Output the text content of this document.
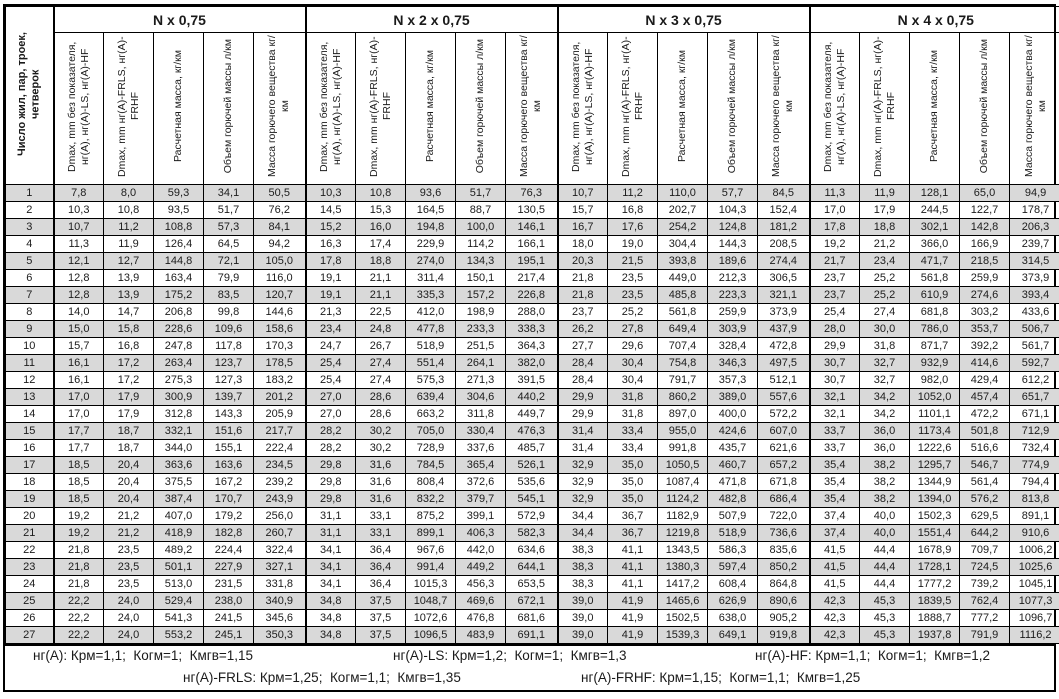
Число жил, пар, троек, четверок	N x 0,75					N x 2 x 0,75					N x 3 x 0,75					N x 4 x 0,75				
	Dmax, mm без показателя, нг(А), нг(А)-LS, нг(А)-HF	Dmax, mm нг(А)-FRLS, нг(А)-FRHF	Расчетная масса, кг/км	Объем горючей массы л/км	Масса горючего вещества кг/км	Dmax, mm без показателя, нг(А), нг(А)-LS, нг(А)-HF	Dmax, mm нг(А)-FRLS, нг(А)-FRHF	Расчетная масса, кг/км	Объем горючей массы л/км	Масса горючего вещества кг/км	Dmax, mm без показателя, нг(А), нг(А)-LS, нг(А)-HF	Dmax, mm нг(А)-FRLS, нг(А)-FRHF	Расчетная масса, кг/км	Объем горючей массы л/км	Масса горючего вещества кг/км	Dmax, mm без показателя, нг(А), нг(А)-LS, нг(А)-HF	Dmax, mm нг(А)-FRLS, нг(А)-FRHF	Расчетная масса, кг/км	Объем горючей массы л/км	Масса горючего вещества кг/км
1	7,8	8,0	59,3	34,1	50,5	10,3	10,8	93,6	51,7	76,3	10,7	11,2	110,0	57,7	84,5	11,3	11,9	128,1	65,0	94,9
2	10,3	10,8	93,5	51,7	76,2	14,5	15,3	164,5	88,7	130,5	15,7	16,8	202,7	104,3	152,4	17,0	17,9	244,5	122,7	178,7
3	10,7	11,2	108,8	57,3	84,1	15,2	16,0	194,8	100,0	146,1	16,7	17,6	254,2	124,8	181,2	17,8	18,8	302,1	142,8	206,3
4	11,3	11,9	126,4	64,5	94,2	16,3	17,4	229,9	114,2	166,1	18,0	19,0	304,4	144,3	208,5	19,2	21,2	366,0	166,9	239,7
5	12,1	12,7	144,8	72,1	105,0	17,8	18,8	274,0	134,3	195,1	20,3	21,5	393,8	189,6	274,4	21,7	23,4	471,7	218,5	314,5
6	12,8	13,9	163,4	79,9	116,0	19,1	21,1	311,4	150,1	217,4	21,8	23,5	449,0	212,3	306,5	23,7	25,2	561,8	259,9	373,9
7	12,8	13,9	175,2	83,5	120,7	19,1	21,1	335,3	157,2	226,8	21,8	23,5	485,8	223,3	321,1	23,7	25,2	610,9	274,6	393,4
8	14,0	14,7	206,8	99,8	144,6	21,3	22,5	412,0	198,9	288,0	23,7	25,2	561,8	259,9	373,9	25,4	27,4	681,8	303,2	433,6
9	15,0	15,8	228,6	109,6	158,6	23,4	24,8	477,8	233,3	338,3	26,2	27,8	649,4	303,9	437,9	28,0	30,0	786,0	353,7	506,7
10	15,7	16,8	247,8	117,8	170,3	24,7	26,7	518,9	251,5	364,3	27,7	29,6	707,4	328,4	472,8	29,9	31,8	871,7	392,2	561,7
11	16,1	17,2	263,4	123,7	178,5	25,4	27,4	551,4	264,1	382,0	28,4	30,4	754,8	346,3	497,5	30,7	32,7	932,9	414,6	592,7
12	16,1	17,2	275,3	127,3	183,2	25,4	27,4	575,3	271,3	391,5	28,4	30,4	791,7	357,3	512,1	30,7	32,7	982,0	429,4	612,2
13	17,0	17,9	300,9	139,7	201,2	27,0	28,6	639,4	304,6	440,2	29,9	31,8	860,2	389,0	557,6	32,1	34,2	1052,0	457,4	651,7
14	17,0	17,9	312,8	143,3	205,9	27,0	28,6	663,2	311,8	449,7	29,9	31,8	897,0	400,0	572,2	32,1	34,2	1101,1	472,2	671,1
15	17,7	18,7	332,1	151,6	217,7	28,2	30,2	705,0	330,4	476,3	31,4	33,4	955,0	424,6	607,0	33,7	36,0	1173,4	501,8	712,9
16	17,7	18,7	344,0	155,1	222,4	28,2	30,2	728,9	337,6	485,7	31,4	33,4	991,8	435,7	621,6	33,7	36,0	1222,6	516,6	732,4
17	18,5	20,4	363,6	163,6	234,5	29,8	31,6	784,5	365,4	526,1	32,9	35,0	1050,5	460,7	657,2	35,4	38,2	1295,7	546,7	774,9
18	18,5	20,4	375,5	167,2	239,2	29,8	31,6	808,4	372,6	535,6	32,9	35,0	1087,4	471,8	671,8	35,4	38,2	1344,9	561,4	794,4
19	18,5	20,4	387,4	170,7	243,9	29,8	31,6	832,2	379,7	545,1	32,9	35,0	1124,2	482,8	686,4	35,4	38,2	1394,0	576,2	813,8
20	19,2	21,2	407,0	179,2	256,0	31,1	33,1	875,2	399,1	572,9	34,4	36,7	1182,9	507,9	722,0	37,4	40,0	1502,3	629,5	891,1
21	19,2	21,2	418,9	182,8	260,7	31,1	33,1	899,1	406,3	582,3	34,4	36,7	1219,8	518,9	736,6	37,4	40,0	1551,4	644,2	910,6
22	21,8	23,5	489,2	224,4	322,4	34,1	36,4	967,6	442,0	634,6	38,3	41,1	1343,5	586,3	835,6	41,5	44,4	1678,9	709,7	1006,2
23	21,8	23,5	501,1	227,9	327,1	34,1	36,4	991,4	449,2	644,1	38,3	41,1	1380,3	597,4	850,2	41,5	44,4	1728,1	724,5	1025,6
24	21,8	23,5	513,0	231,5	331,8	34,1	36,4	1015,3	456,3	653,5	38,3	41,1	1417,2	608,4	864,8	41,5	44,4	1777,2	739,2	1045,1
25	22,2	24,0	529,4	238,0	340,9	34,8	37,5	1048,7	469,6	672,1	39,0	41,9	1465,6	626,9	890,6	42,3	45,3	1839,5	762,4	1077,3
26	22,2	24,0	541,3	241,5	345,6	34,8	37,5	1072,6	476,8	681,6	39,0	41,9	1502,5	638,0	905,2	42,3	45,3	1888,7	777,2	1096,7
27	22,2	24,0	553,2	245,1	350,3	34,8	37,5	1096,5	483,9	691,1	39,0	41,9	1539,3	649,1	919,8	42,3	45,3	1937,8	791,9	1116,2
нг(А): Крм=1,1;  Когм=1;  Кмгв=1,15	нг(А)-LS: Крм=1,2;  Когм=1;  Кмгв=1,3	нг(А)-HF: Крм=1,1;  Когм=1;  Кмгв=1,2
нг(А)-FRLS: Крм=1,25;  Когм=1,1;  Кмгв=1,35	нг(А)-FRHF: Крм=1,15;  Когм=1,1;  Кмгв=1,25
